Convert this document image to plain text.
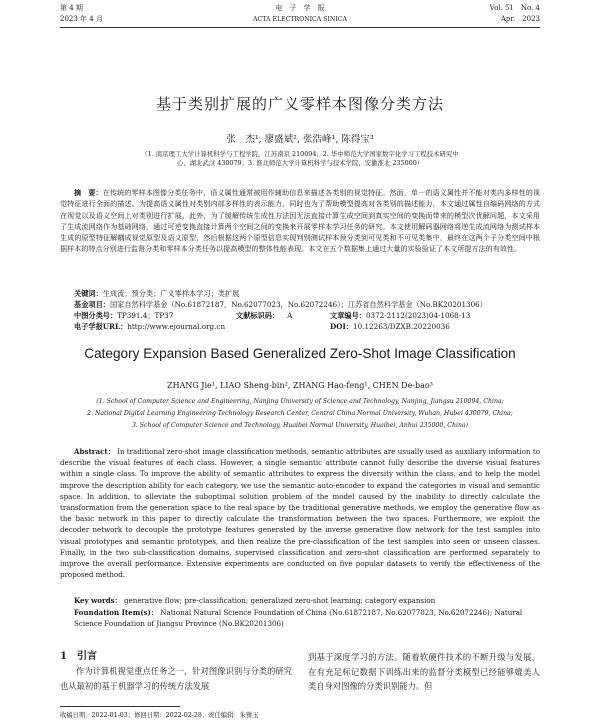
第 4 期
2023 年 4 月
电　子　学　报
ACTA ELECTRONICA SINICA
Vol. 51　No. 4
Apr.　2023
基于类别扩展的广义零样本图像分类方法
张　杰¹, 廖盛斌², 张浩峰¹, 陈得宝³
（1. 南京理工大学计算机科学与工程学院，江苏南京 210094；2. 华中师范大学国家数字化学习工程技术研究中心，湖北武汉 430079；3. 淮北师范大学计算机科学与技术学院，安徽淮北 235000）
摘　要：在传统的零样本图像分类任务中，语义属性通常被用作辅助信息来描述各类别的视觉特征。然而，单一的语义属性并不能对类内多样性的视觉特征进行全面的描述。为提高语义属性对类别内部多样性的表示能力，同时也为了帮助模型提高对各类别的描述能力，本文通过属性自编码网络的方式在视觉以及语义空间上对类别进行扩展。此外，为了缓解传统生成性方法因无法直接计算生成空间到真实空间的变换而带来的模型次优解问题，本文采用了生成流网络作为基础网络，通过可逆变换直接计算两个空间之间的变换来开展零样本学习任务的研究。本文使用解码器网络将逆生成流网络为测试样本生成的原型特征解耦成视觉原型及语义原型，然后根据这两个原型信息实现判别测试样本预分类到可见类和不可见类集中，最终在这两个子分类空间中根据样本的特点分别进行监督分类和零样本分类任务以提高模型的整体性能表现。本文在五个数据集上通过大量的实验验证了本文所提方法的有效性。
关键词：生成流；预分类；广义零样本学习；类扩展
基金项目：国家自然科学基金（No.61872187，No.62077023，No.62072246）；江苏省自然科学基金（No.BK20201306）
中图分类号：TP391.4；TP37	文献标识码： A	文章编号：0372-2112(2023)04-1068-13
电子学报URL：http://www.ejournal.org.cn	DOI：10.12263/DZXB.20220036
Category Expansion Based Generalized Zero-Shot Image Classification
ZHANG Jie¹, LIAO Sheng-bin², ZHANG Hao-feng¹, CHEN De-bao³
(1. School of Computer Science and Engineering, Nanjing University of Science and Technology, Nanjing, Jiangsu 210094, China;
2. National Digital Learning Engineering Technology Research Center, Central China Normal University, Wuhan, Hubei 430079, China;
3. School of Computer Science and Technology, Huaibei Normal University, Huaibei, Anhui 235000, China)
Abstract： In traditional zero-shot image classification methods, semantic attributes are usually used as auxiliary information to describe the visual features of each class. However, a single semantic attribute cannot fully describe the diverse visual features within a single class. To improve the ability of semantic attributes to express the diversity within the class, and to help the model improve the description ability for each category, we use the semantic auto-encoder to expand the categories in visual and semantic space. In addition, to alleviate the suboptimal solution problem of the model caused by the inability to directly calculate the transformation from the generation space to the real space by the traditional generative methods, we employ the generative flow as the basic network in this paper to directly calculate the transformation between the two spaces. Furthermore, we exploit the decoder network to decouple the prototype features generated by the inverse generative flow network for the test samples into visual prototypes and semantic prototypes, and then realize the pre-classification of the test samples into seen or unseen classes. Finally, in the two sub-classification domains, supervised classification and zero-shot classification are performed separately to improve the overall performance. Extensive experiments are conducted on five popular datasets to verify the effectiveness of the proposed method.
Key words： generative flow; pre-classification; generalized zero-shot learning; category expansion
Foundation Item(s)： National Natural Science Foundation of China (No.61872187, No.62077023, No.62072246); Natural Science Foundation of Jiangsu Province (No.BK20201306)
1　引言
作为计算机视觉重点任务之一，针对图像识别与分类的研究也从最初的基于机器学习的传统方法发展
到基于深度学习的方法。随着软硬件技术的不断升级与发展，在有充足标记数据下训练出来的监督分类模型已经能够媲美人类自身对图像的分类识别能力。但
收稿日期：2022-01-03；修回日期：2022-02-28；责任编辑：朱雅玉
